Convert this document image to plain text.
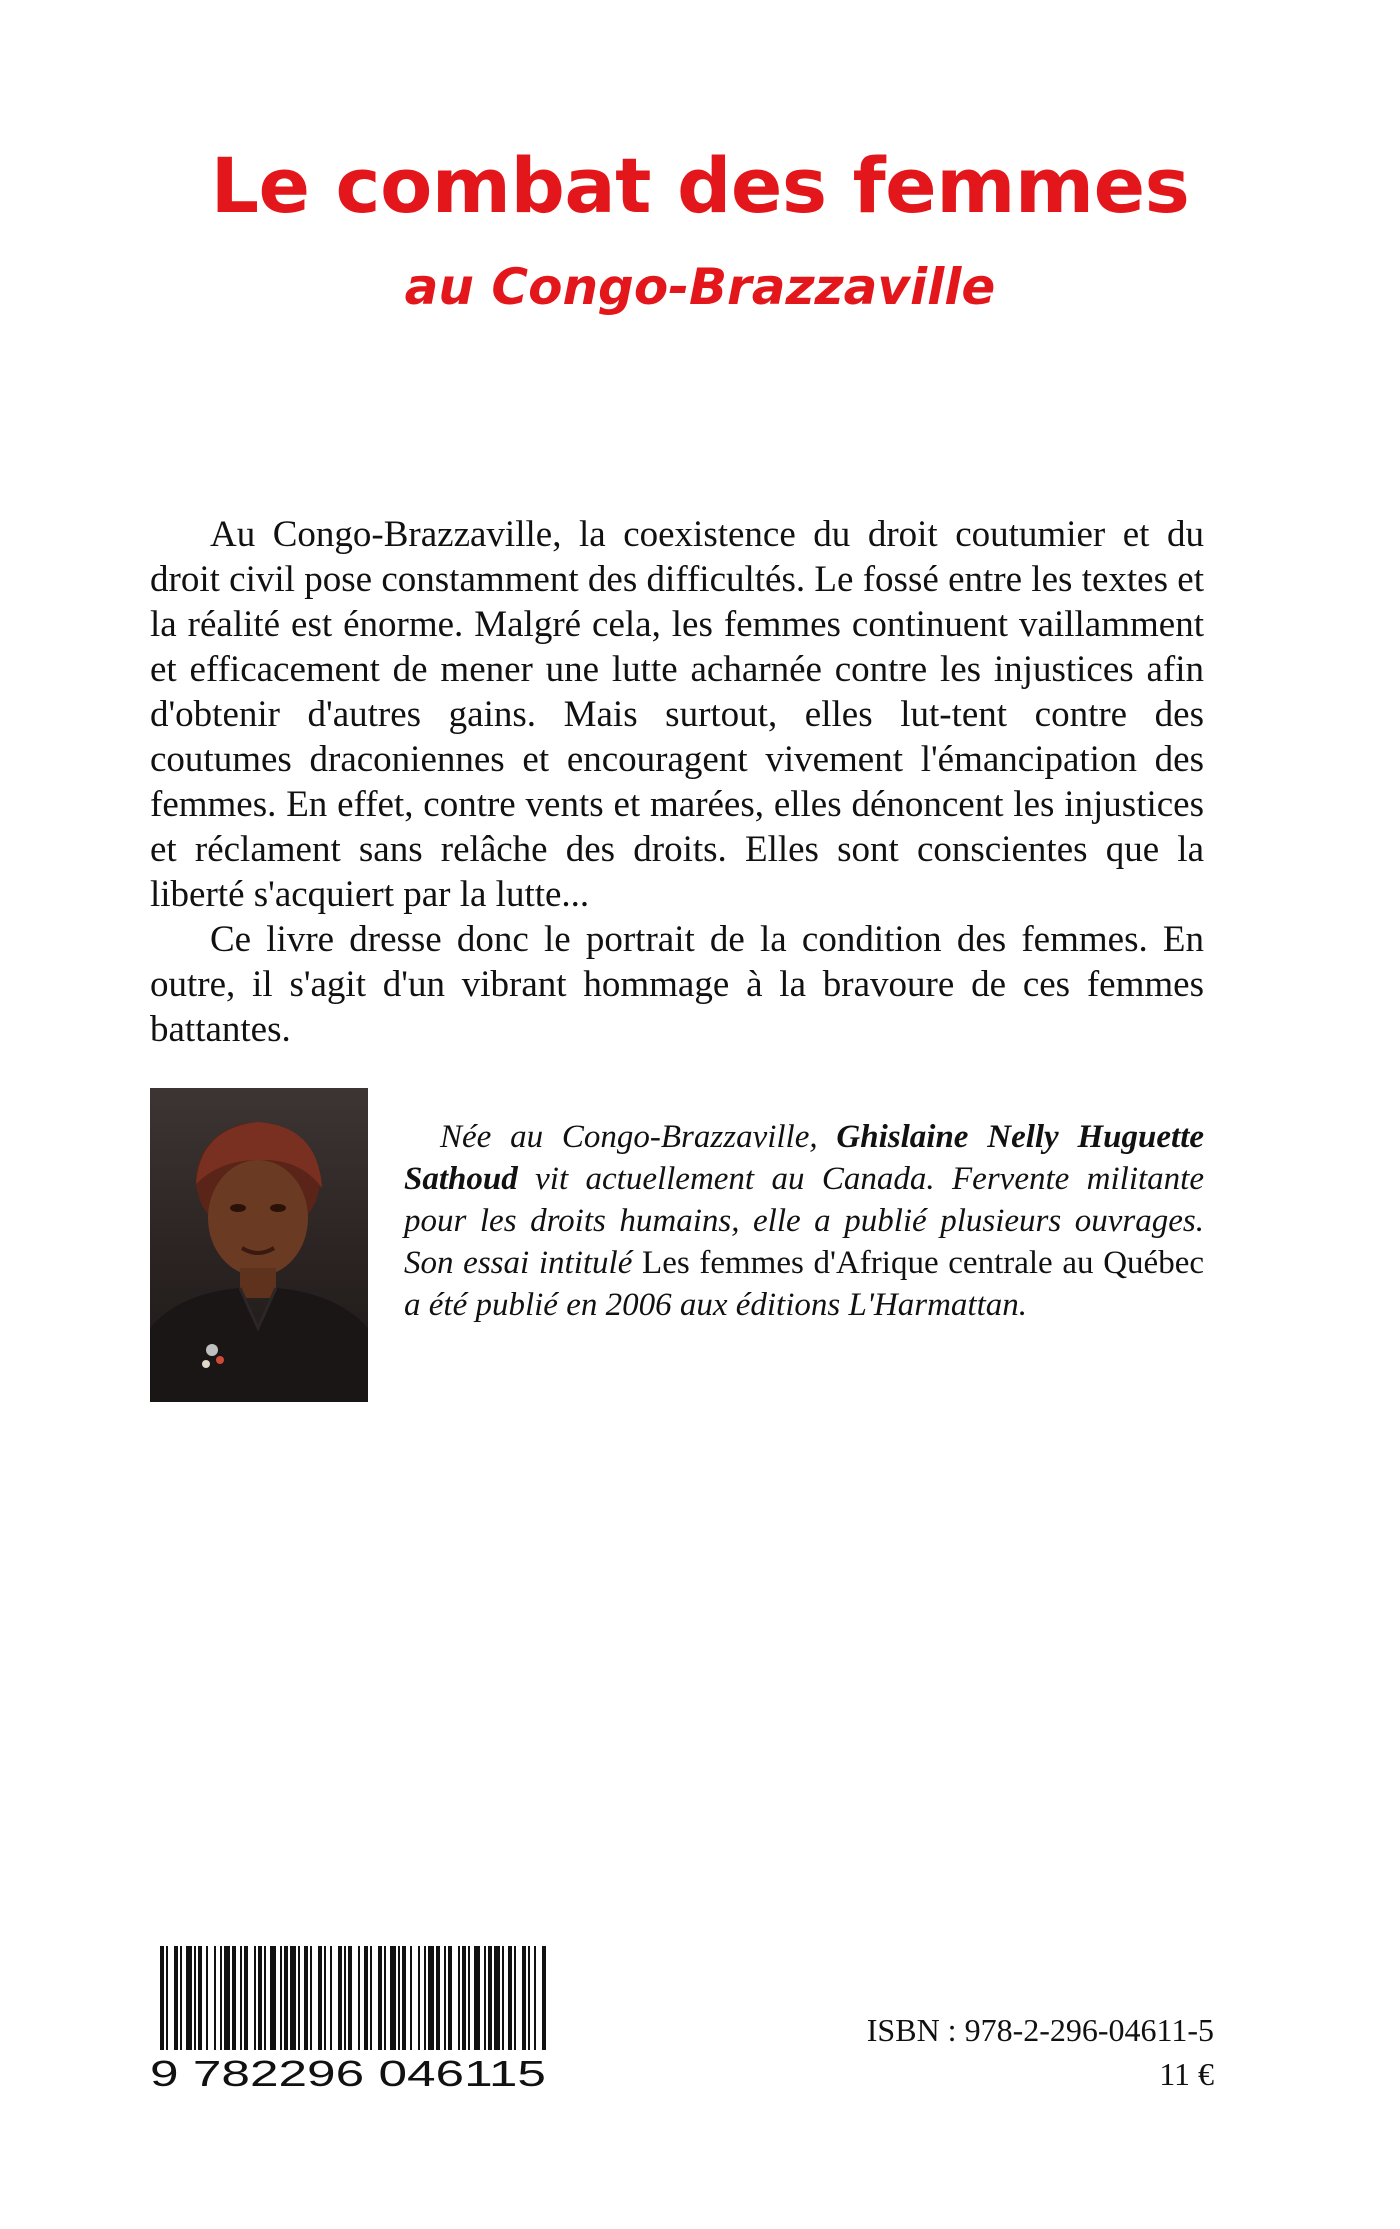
Le combat des femmes
au Congo-Brazzaville

Au Congo-Brazzaville, la coexistence du droit coutumier et du droit civil pose constamment des difficultés. Le fossé entre les textes et la réalité est énorme. Malgré cela, les femmes continuent vaillamment et efficacement de mener une lutte acharnée contre les injustices afin d'obtenir d'autres gains. Mais surtout, elles lut-tent contre des coutumes draconiennes et encouragent vivement l'émancipation des femmes. En effet, contre vents et marées, elles dénoncent les injustices et réclament sans relâche des droits. Elles sont conscientes que la liberté s'acquiert par la lutte...

Ce livre dresse donc le portrait de la condition des femmes. En outre, il s'agit d'un vibrant hommage à la bravoure de ces femmes battantes.

Née au Congo-Brazzaville, Ghislaine Nelly Huguette Sathoud vit actuellement au Canada. Fervente militante pour les droits humains, elle a publié plusieurs ouvrages. Son essai intitulé Les femmes d'Afrique centrale au Québec a été publié en 2006 aux éditions L'Harmattan.

9 782296 046115
ISBN : 978-2-296-04611-5
11 €
